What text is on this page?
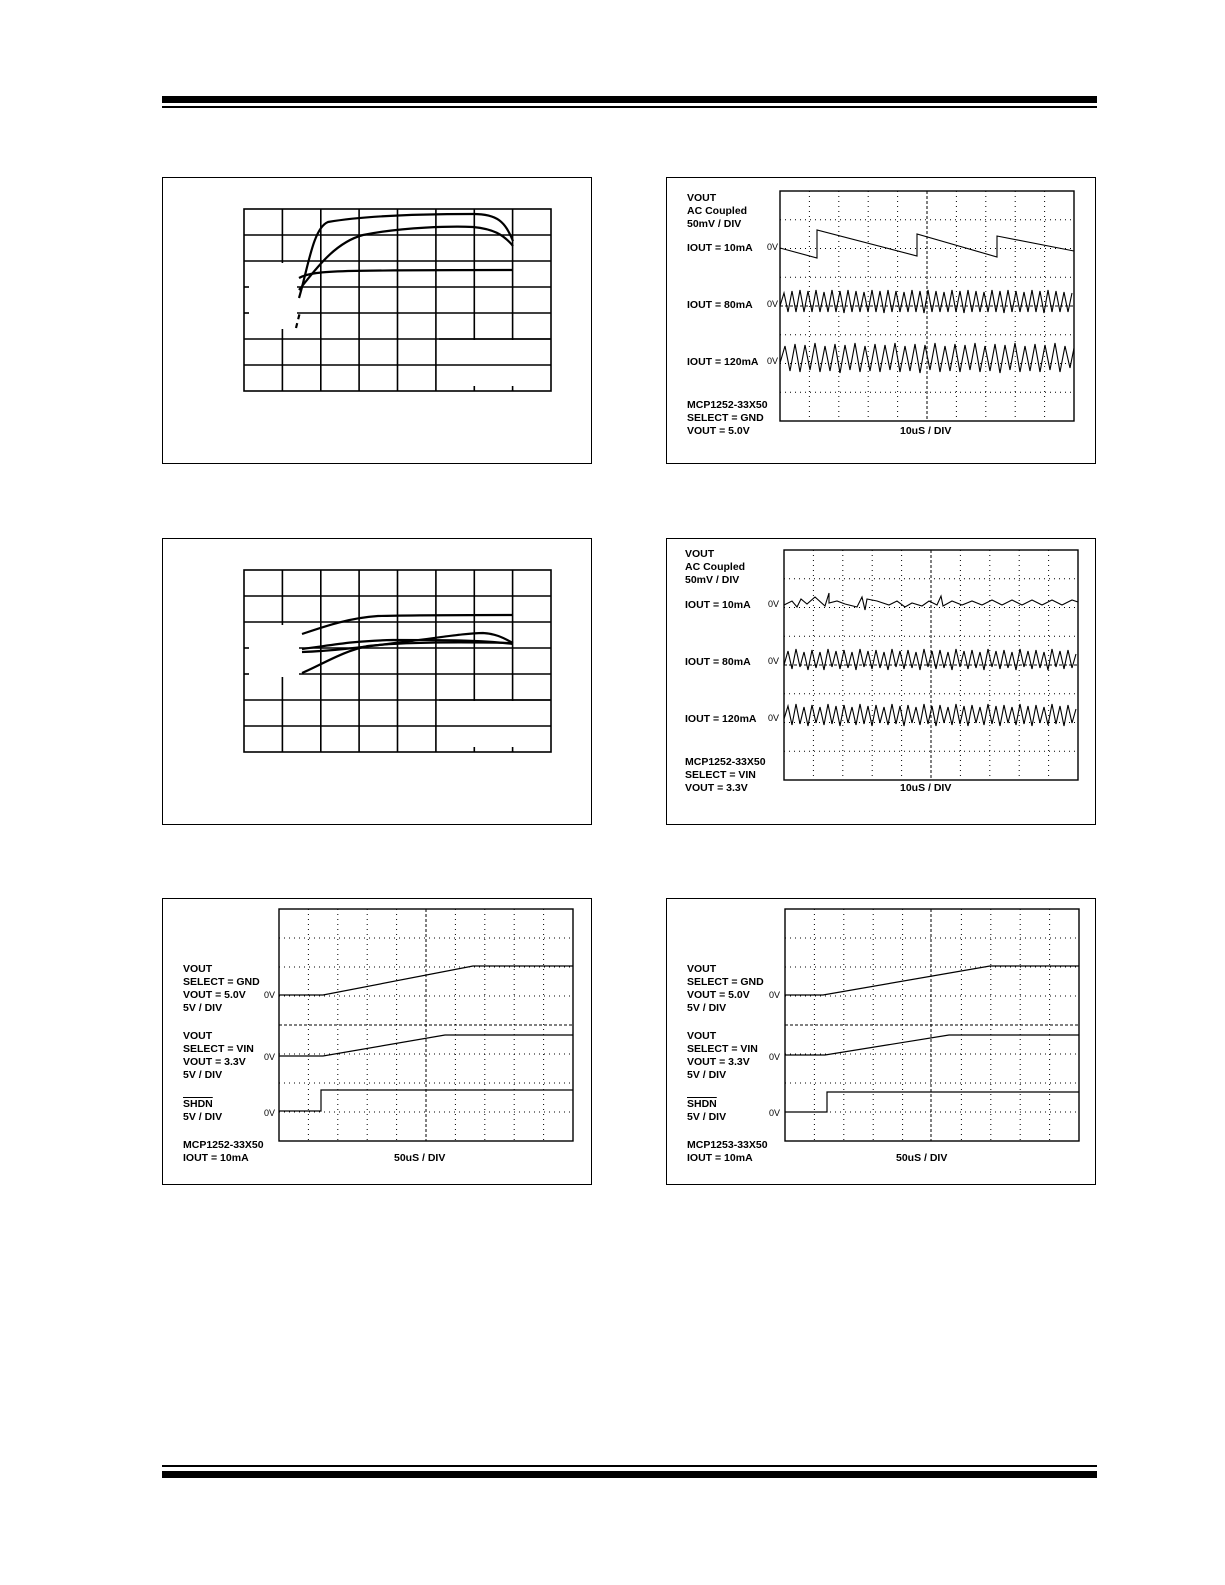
VOUT
AC Coupled
50mV / DIV
IOUT = 10mA 0V
IOUT = 80mA 0V
IOUT = 120mA 0V
MCP1252-33X50
SELECT = GND
VOUT = 5.0V	10uS / DIV
VOUT
AC Coupled
50mV / DIV
IOUT = 10mA 0V
IOUT = 80mA 0V
IOUT = 120mA 0V
MCP1252-33X50
SELECT = VIN
VOUT = 3.3V	10uS / DIV
VOUT
SELECT = GND
VOUT = 5.0V
5V / DIV
0V
VOUT
SELECT = VIN
VOUT = 3.3V
5V / DIV
0V
SHDN
5V / DIV	0V
MCP1252-33X50
IOUT = 10mA	50uS / DIV
VOUT
SELECT = GND
VOUT = 5.0V
5V / DIV
0V
VOUT
SELECT = VIN
VOUT = 3.3V
5V / DIV
0V
SHDN
5V / DIV	0V
MCP1253-33X50
IOUT = 10mA	50uS / DIV
